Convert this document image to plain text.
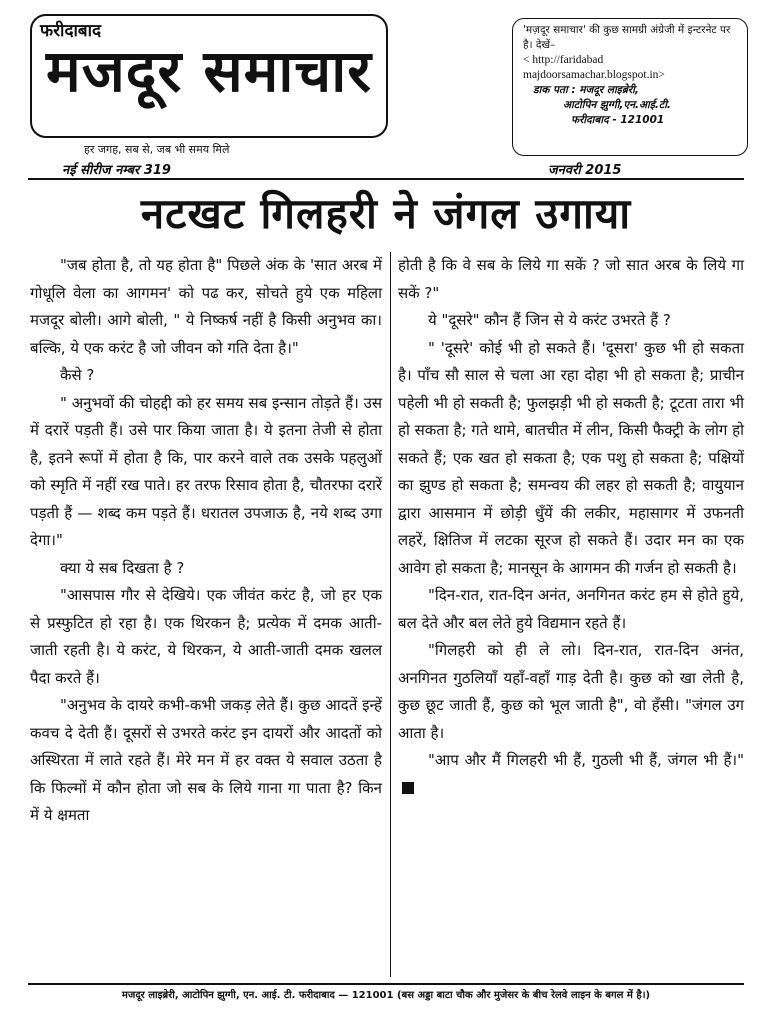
फरीदाबाद
मजदूर समाचार
हर जगह, सब से, जब भी समय मिले
'मज़दूर समाचार' की कुछ सामग्री अंग्रेजी में इन्टरनेट पर है। देखें–
< http://faridabad
majdoorsamachar.blogspot.in>
डाक पता : मजदूर लाइब्रेरी,
आटोपिन झुग्गी,एन.आई.टी.
फरीदाबाद - 121001
नई सीरीज नम्बर 319	जनवरी 2015
नटखट गिलहरी ने जंगल उगाया

"जब होता है, तो यह होता है" पिछले अंक के 'सात अरब में गोधूलि वेला का आगमन' को पढ कर, सोचते हुये एक महिला मजदूर बोली। आगे बोली, " ये निष्कर्ष नहीं है किसी अनुभव का। बल्कि, ये एक करंट है जो जीवन को गति देता है।"

कैसे ?

" अनुभवों की चोहद्दी को हर समय सब इन्सान तोड़ते हैं। उस में दरारें पड़ती हैं। उसे पार किया जाता है। ये इतना तेजी से होता है, इतने रूपों में होता है कि, पार करने वाले तक उसके पहलुओं को स्मृति में नहीं रख पाते। हर तरफ रिसाव होता है, चौतरफा दरारें पड़ती हैं — शब्द कम पड़ते हैं। धरातल उपजाऊ है, नये शब्द उगा देगा।"

क्या ये सब दिखता है ?

"आसपास गौर से देखिये। एक जीवंत करंट है, जो हर एक से प्रस्फुटित हो रहा है। एक थिरकन है; प्रत्येक में दमक आती-जाती रहती है। ये करंट, ये थिरकन, ये आती-जाती दमक खलल पैदा करते हैं।

"अनुभव के दायरे कभी-कभी जकड़ लेते हैं। कुछ आदतें इन्हें कवच दे देती हैं। दूसरों से उभरते करंट इन दायरों और आदतों को अस्थिरता में लाते रहते हैं। मेरे मन में हर वक्त ये सवाल उठता है कि फिल्मों में कौन होता जो सब के लिये गाना गा पाता है? किन में ये क्षमता

होती है कि वे सब के लिये गा सकें ? जो सात अरब के लिये गा सकें ?"

ये "दूसरे" कौन हैं जिन से ये करंट उभरते हैं ?

" 'दूसरे' कोई भी हो सकते हैं। 'दूसरा' कुछ भी हो सकता है। पाँच सौ साल से चला आ रहा दोहा भी हो सकता है; प्राचीन पहेली भी हो सकती है; फुलझड़ी भी हो सकती है; टूटता तारा भी हो सकता है; गते थामे, बातचीत में लीन, किसी फैक्ट्री के लोग हो सकते हैं; एक खत हो सकता है; एक पशु हो सकता है; पक्षियों का झुण्ड हो सकता है; समन्वय की लहर हो सकती है; वायुयान द्वारा आसमान में छोड़ी धुँयें की लकीर, महासागर में उफनती लहरें, क्षितिज में लटका सूरज हो सकते हैं। उदार मन का एक आवेग हो सकता है; मानसून के आगमन की गर्जन हो सकती है।

"दिन-रात, रात-दिन अनंत, अनगिनत करंट हम से होते हुये, बल देते और बल लेते हुये विद्यमान रहते हैं।

"गिलहरी को ही ले लो। दिन-रात, रात-दिन अनंत, अनगिनत गुठलियाँ यहाँ-वहाँ गाड़ देती है। कुछ को खा लेती है, कुछ छूट जाती हैं, कुछ को भूल जाती है", वो हँसी। "जंगल उग आता है।

"आप और मैं गिलहरी भी हैं, गुठली भी हैं, जंगल भी हैं।"

मजदूर लाइब्रेरी, आटोपिन झुग्गी, एन. आई. टी. फरीदाबाद — 121001 (बस अड्डा बाटा चौक और मुजेसर के बीच रेलवे लाइन के बगल में है।)
